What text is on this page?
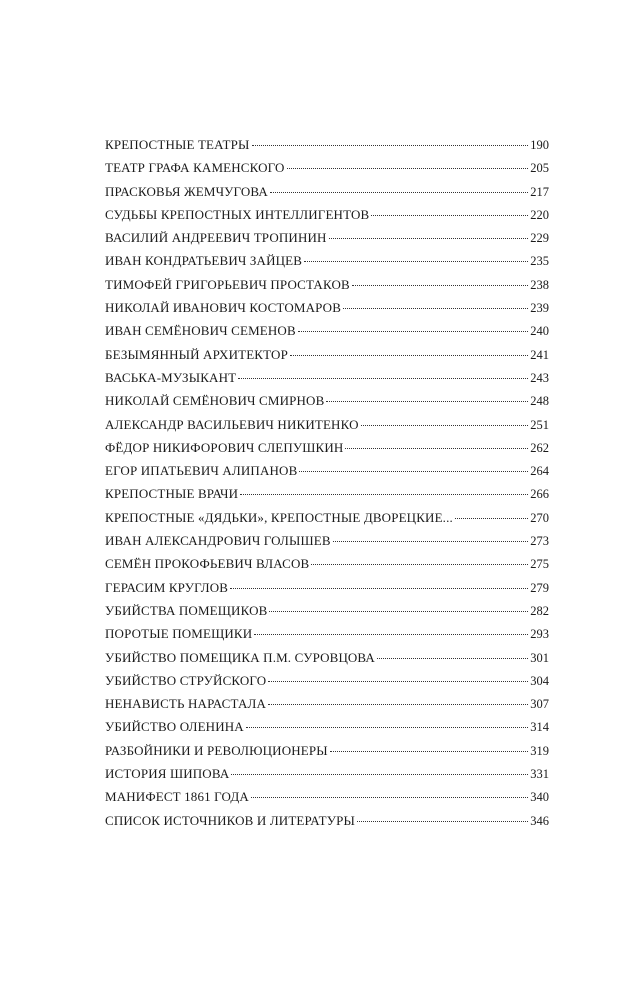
КРЕПОСТНЫЕ ТЕАТРЫ	190
ТЕАТР ГРАФА КАМЕНСКОГО	205
ПРАСКОВЬЯ ЖЕМЧУГОВА	217
СУДЬБЫ КРЕПОСТНЫХ ИНТЕЛЛИГЕНТОВ	220
ВАСИЛИЙ АНДРЕЕВИЧ ТРОПИНИН	229
ИВАН КОНДРАТЬЕВИЧ ЗАЙЦЕВ	235
ТИМОФЕЙ ГРИГОРЬЕВИЧ ПРОСТАКОВ	238
НИКОЛАЙ ИВАНОВИЧ КОСТОМАРОВ	239
ИВАН СЕМЁНОВИЧ СЕМЕНОВ	240
БЕЗЫМЯННЫЙ АРХИТЕКТОР	241
ВАСЬКА-МУЗЫКАНТ	243
НИКОЛАЙ СЕМЁНОВИЧ СМИРНОВ	248
АЛЕКСАНДР ВАСИЛЬЕВИЧ НИКИТЕНКО	251
ФЁДОР НИКИФОРОВИЧ СЛЕПУШКИН	262
ЕГОР ИПАТЬЕВИЧ АЛИПАНОВ	264
КРЕПОСТНЫЕ ВРАЧИ	266
КРЕПОСТНЫЕ «ДЯДЬКИ», КРЕПОСТНЫЕ ДВОРЕЦКИЕ...	270
ИВАН АЛЕКСАНДРОВИЧ ГОЛЫШЕВ	273
СЕМЁН ПРОКОФЬЕВИЧ ВЛАСОВ	275
ГЕРАСИМ КРУГЛОВ	279
УБИЙСТВА ПОМЕЩИКОВ	282
ПОРОТЫЕ ПОМЕЩИКИ	293
УБИЙСТВО ПОМЕЩИКА П.М. СУРОВЦОВА	301
УБИЙСТВО СТРУЙСКОГО	304
НЕНАВИСТЬ НАРАСТАЛА	307
УБИЙСТВО ОЛЕНИНА	314
РАЗБОЙНИКИ И РЕВОЛЮЦИОНЕРЫ	319
ИСТОРИЯ ШИПОВА	331
МАНИФЕСТ 1861 ГОДА	340
СПИСОК ИСТОЧНИКОВ И ЛИТЕРАТУРЫ	346
